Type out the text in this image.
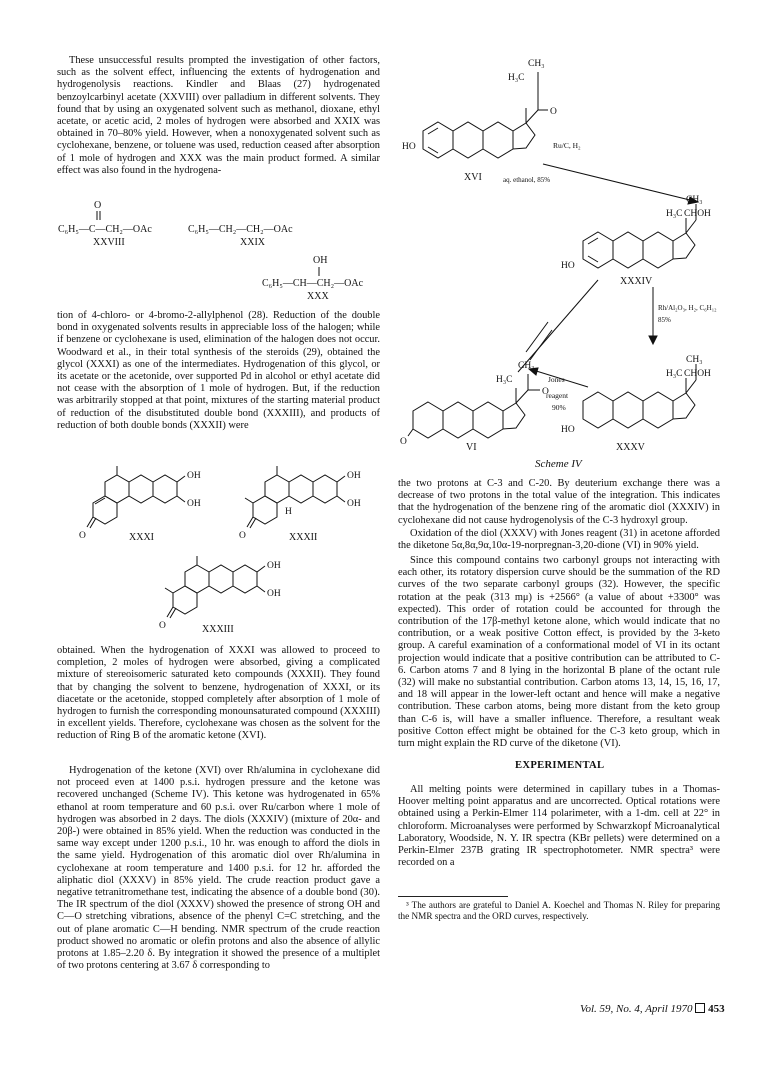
These unsuccessful results prompted the investigation of other factors, such as the solvent effect, influencing the extents of hydrogenation and hydrogenolysis reactions. Kindler and Blaas (27) hydrogenated benzoylcarbinyl acetate (XXVIII) over palladium in different solvents. They found that by using an oxygenated solvent such as methanol, dioxane, ethyl acetate, or acetic acid, 2 moles of hydrogen were absorbed and XXIX was obtained in 70–80% yield. However, when a nonoxygenated solvent such as cyclohexane, benzene, or toluene was used, reduction ceased after absorption of 1 mole of hydrogen and XXX was the main product formed. A similar effect was also found in the hydrogena-

O
C₆H₅—C—CH₂—OAc
XXVIII
C₆H₅—CH₂—CH₂—OAc
XXIX
OH
C₆H₅—CH—CH₂—OAc
XXX

tion of 4-chloro- or 4-bromo-2-allylphenol (28). Reduction of the double bond in oxygenated solvents results in appreciable loss of the halogen; while if benzene or cyclohexane is used, elimination of the halogen does not occur. Woodward et al., in their total synthesis of the steroids (29), obtained the glycol (XXXI) as one of the intermediates. Hydrogenation of this glycol, or its acetate or the acetonide, over supported Pd in alcohol or ethyl acetate did not cease with the absorption of 1 mole of hydrogen. But, if the reduction was arbitrarily stopped at that point, mixtures of the starting material product of reduction of the disubstituted double bond (XXXIII), and products of reduction of both double bonds (XXXII) were

OH
OH
O	XXXI
OH
OH
H
O	XXXII
OH
OH
O	XXXIII

obtained. When the hydrogenation of XXXI was allowed to proceed to completion, 2 moles of hydrogen were absorbed, giving a complicated mixture of stereoisomeric saturated keto compounds (XXXII). They found that by changing the solvent to benzene, hydrogenation of XXXI, or its diacetate or the acetonide, stopped completely after absorption of 1 mole of hydrogen to furnish the corresponding monounsaturated compound (XXXIII) in excellent yields. Therefore, cyclohexane was chosen as the solvent for the reduction of Ring B of the aromatic ketone (XVI).

Hydrogenation of the ketone (XVI) over Rh/alumina in cyclohexane did not proceed even at 1400 p.s.i. hydrogen pressure and the ketone was recovered unchanged (Scheme IV). This ketone was hydrogenated in 65% ethanol at room temperature and 60 p.s.i. over Ru/carbon where 1 mole of hydrogen was absorbed in 2 days. The diols (XXXIV) (mixture of 20α- and 20β-) were obtained in 85% yield. When the reduction was conducted in the same way except under 1200 p.s.i., 10 hr. was enough to afford the diols in the same yield. Hydrogenation of this aromatic diol over Rh/alumina in cyclohexane at room temperature and 1400 p.s.i. for 12 hr. afforded the aliphatic diol (XXXV) in 85% yield. The crude reaction product gave a negative tetranitromethane test, indicating the absence of a double bond (30). The IR spectrum of the diol (XXXV) showed the presence of strong OH and C—O stretching vibrations, absence of the phenyl C=C stretching, and the out of plane aromatic C—H bending. NMR spectrum of the crude reaction product showed no aromatic or olefin protons and also the absence of allylic protons at 1.85–2.20 δ. By integration it showed the presence of a multiplet of two protons centering at 3.67 δ corresponding to

CH₃
H₃C
O
HO
XVI
Ru/C, H₂
aq. ethanol, 85%
CH₃
H₃C CHOH
HO
XXXIV
Rh/Al₂O₃, H₂, C₆H₁₂
85%
CH₃
H₃C CHOH
HO
XXXV
Jones
reagent
90%
CH₃
H₃C
O
O	VI
Scheme IV

the two protons at C-3 and C-20. By deuterium exchange there was a decrease of two protons in the total value of the integration. This indicates that the hydrogenation of the benzene ring of the aromatic diol (XXXIV) in cyclohexane did not cause hydrogenolysis of the C-3 hydroxyl group.

Oxidation of the diol (XXXV) with Jones reagent (31) in acetone afforded the diketone 5α,8α,9α,10α-19-norpregnan-3,20-dione (VI) in 90% yield.

Since this compound contains two carbonyl groups not interacting with each other, its rotatory dispersion curve should be the summation of the RD curves of the two separate carbonyl groups (32). However, the specific rotation at the peak (313 mμ) is +2566° (a value of about +3300° was expected). This order of rotation could be accounted for through the contribution of the 17β-methyl ketone alone, which would indicate that no contribution, or a weak positive Cotton effect, is provided by the 3-keto group. A careful examination of a conformational model of VI in its octant projection would indicate that a positive contribution can be attributed to C-6. Carbon atoms 7 and 8 lying in the horizontal B plane of the octant rule (32) will make no substantial contribution. Carbon atoms 13, 14, 15, 16, 17, and 18 will appear in the lower-left octant and hence will make a negative contribution. These carbon atoms, being more distant from the keto group than C-6 is, will have a smaller influence. Therefore, a resultant weak positive Cotton effect might be obtained for the C-3 keto group, which in turn might explain the RD curve of the diketone (VI).

EXPERIMENTAL

All melting points were determined in capillary tubes in a Thomas-Hoover melting point apparatus and are uncorrected. Optical rotations were obtained using a Perkin-Elmer 114 polarimeter, with a 1-dm. cell at 22° in chloroform. Microanalyses were performed by Schwarzkopf Microanalytical Laboratory, Woodside, N. Y. IR spectra (KBr pellets) were determined on a Perkin-Elmer 237B grating IR spectrophotometer. NMR spectra³ were recorded on a

³ The authors are grateful to Daniel A. Koechel and Thomas N. Riley for preparing the NMR spectra and the ORD curves, respectively.

Vol. 59, No. 4, April 1970 453
